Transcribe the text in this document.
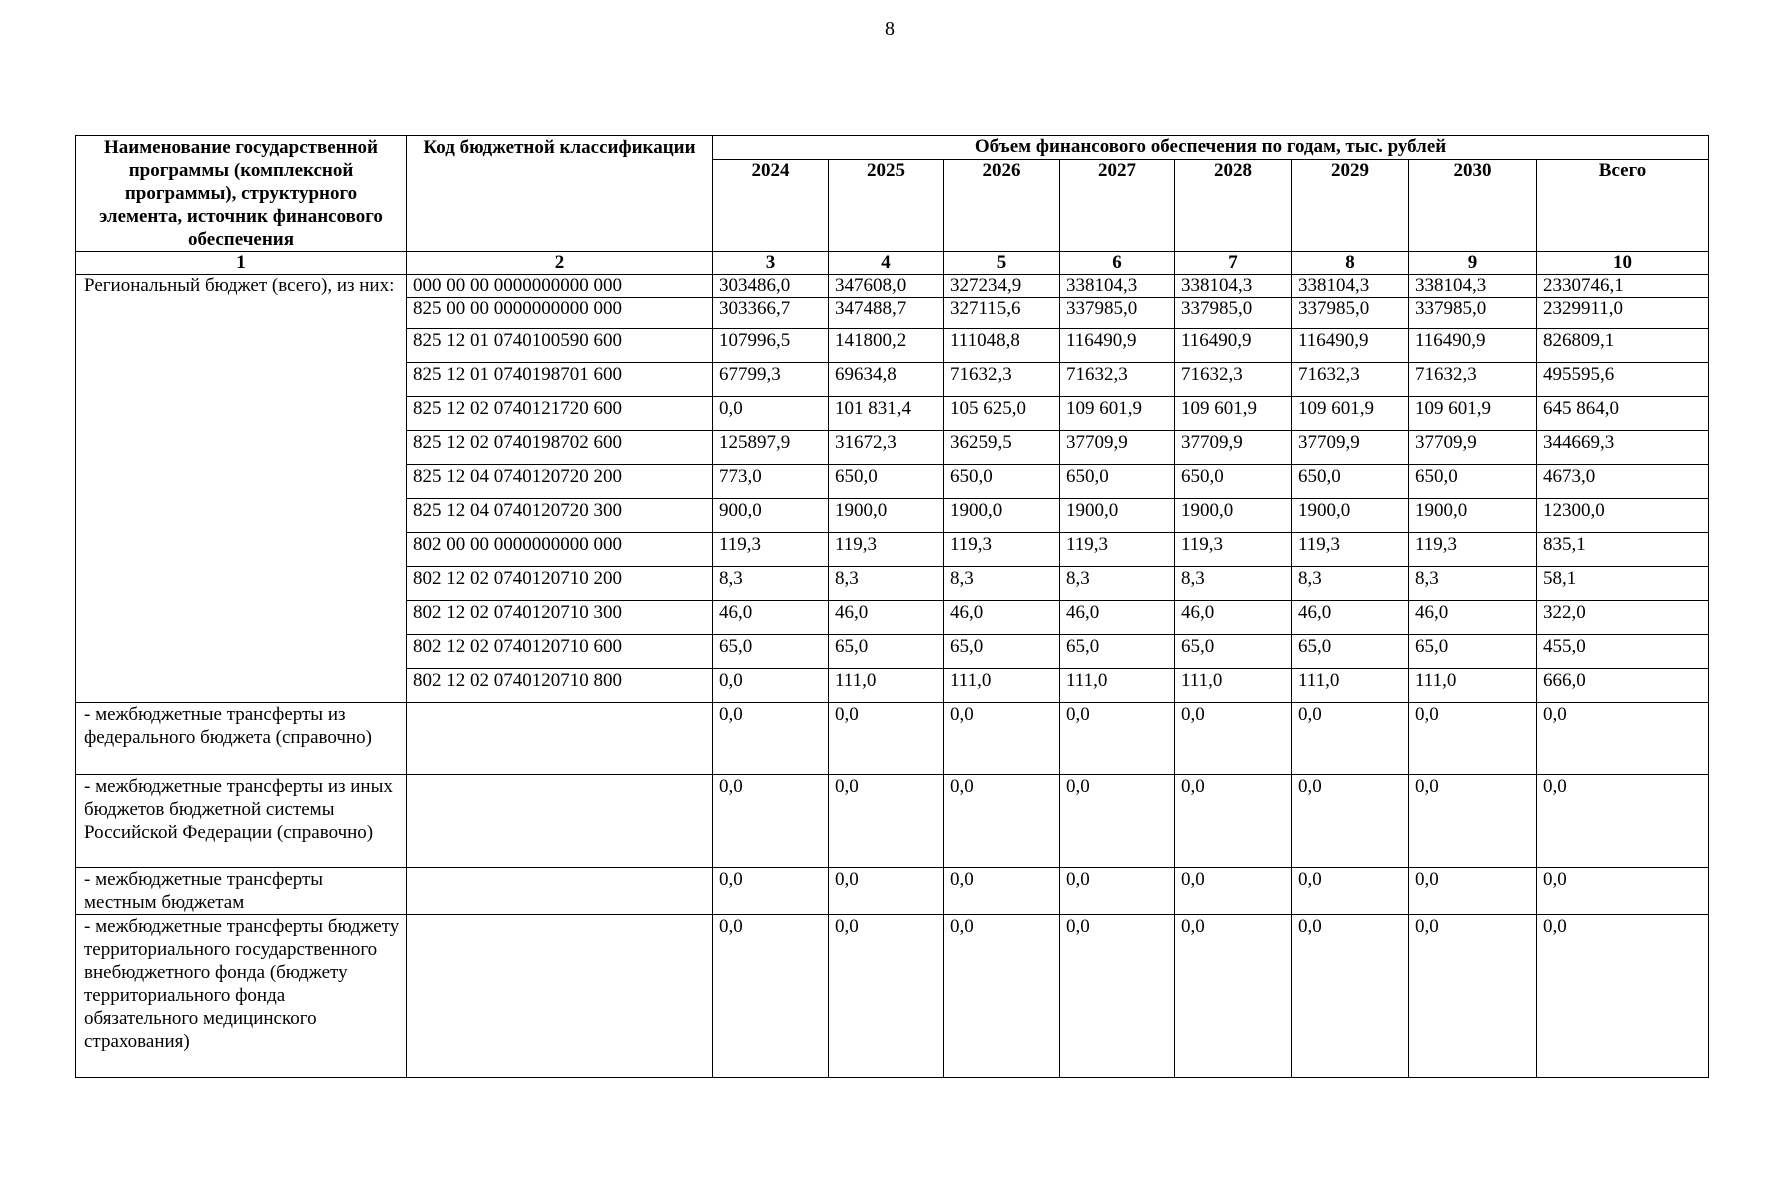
8
Наименование государственной программы (комплексной программы), структурного элемента, источник финансового обеспечения	Код бюджетной классификации	Объем финансового обеспечения по годам, тыс. рублей							
		2024	2025	2026	2027	2028	2029	2030	Всего
1	2	3	4	5	6	7	8	9	10
Региональный бюджет (всего), из них:	000 00 00 0000000000 000	303486,0	347608,0	327234,9	338104,3	338104,3	338104,3	338104,3	2330746,1
	825 00 00 0000000000 000	303366,7	347488,7	327115,6	337985,0	337985,0	337985,0	337985,0	2329911,0
	825 12 01 0740100590 600	107996,5	141800,2	111048,8	116490,9	116490,9	116490,9	116490,9	826809,1
	825 12 01 0740198701 600	67799,3	69634,8	71632,3	71632,3	71632,3	71632,3	71632,3	495595,6
	825 12 02 0740121720 600	0,0	101 831,4	105 625,0	109 601,9	109 601,9	109 601,9	109 601,9	645 864,0
	825 12 02 0740198702 600	125897,9	31672,3	36259,5	37709,9	37709,9	37709,9	37709,9	344669,3
	825 12 04 0740120720 200	773,0	650,0	650,0	650,0	650,0	650,0	650,0	4673,0
	825 12 04 0740120720 300	900,0	1900,0	1900,0	1900,0	1900,0	1900,0	1900,0	12300,0
	802 00 00 0000000000 000	119,3	119,3	119,3	119,3	119,3	119,3	119,3	835,1
	802 12 02 0740120710 200	8,3	8,3	8,3	8,3	8,3	8,3	8,3	58,1
	802 12 02 0740120710 300	46,0	46,0	46,0	46,0	46,0	46,0	46,0	322,0
	802 12 02 0740120710 600	65,0	65,0	65,0	65,0	65,0	65,0	65,0	455,0
	802 12 02 0740120710 800	0,0	111,0	111,0	111,0	111,0	111,0	111,0	666,0
- межбюджетные трансферты из федерального бюджета (справочно)		0,0	0,0	0,0	0,0	0,0	0,0	0,0	0,0
- межбюджетные трансферты из иных бюджетов бюджетной системы Российской Федерации (справочно)		0,0	0,0	0,0	0,0	0,0	0,0	0,0	0,0
- межбюджетные трансферты местным бюджетам		0,0	0,0	0,0	0,0	0,0	0,0	0,0	0,0
- межбюджетные трансферты бюджету территориального государственного внебюджетного фонда (бюджету территориального фонда обязательного медицинского страхования)		0,0	0,0	0,0	0,0	0,0	0,0	0,0	0,0
